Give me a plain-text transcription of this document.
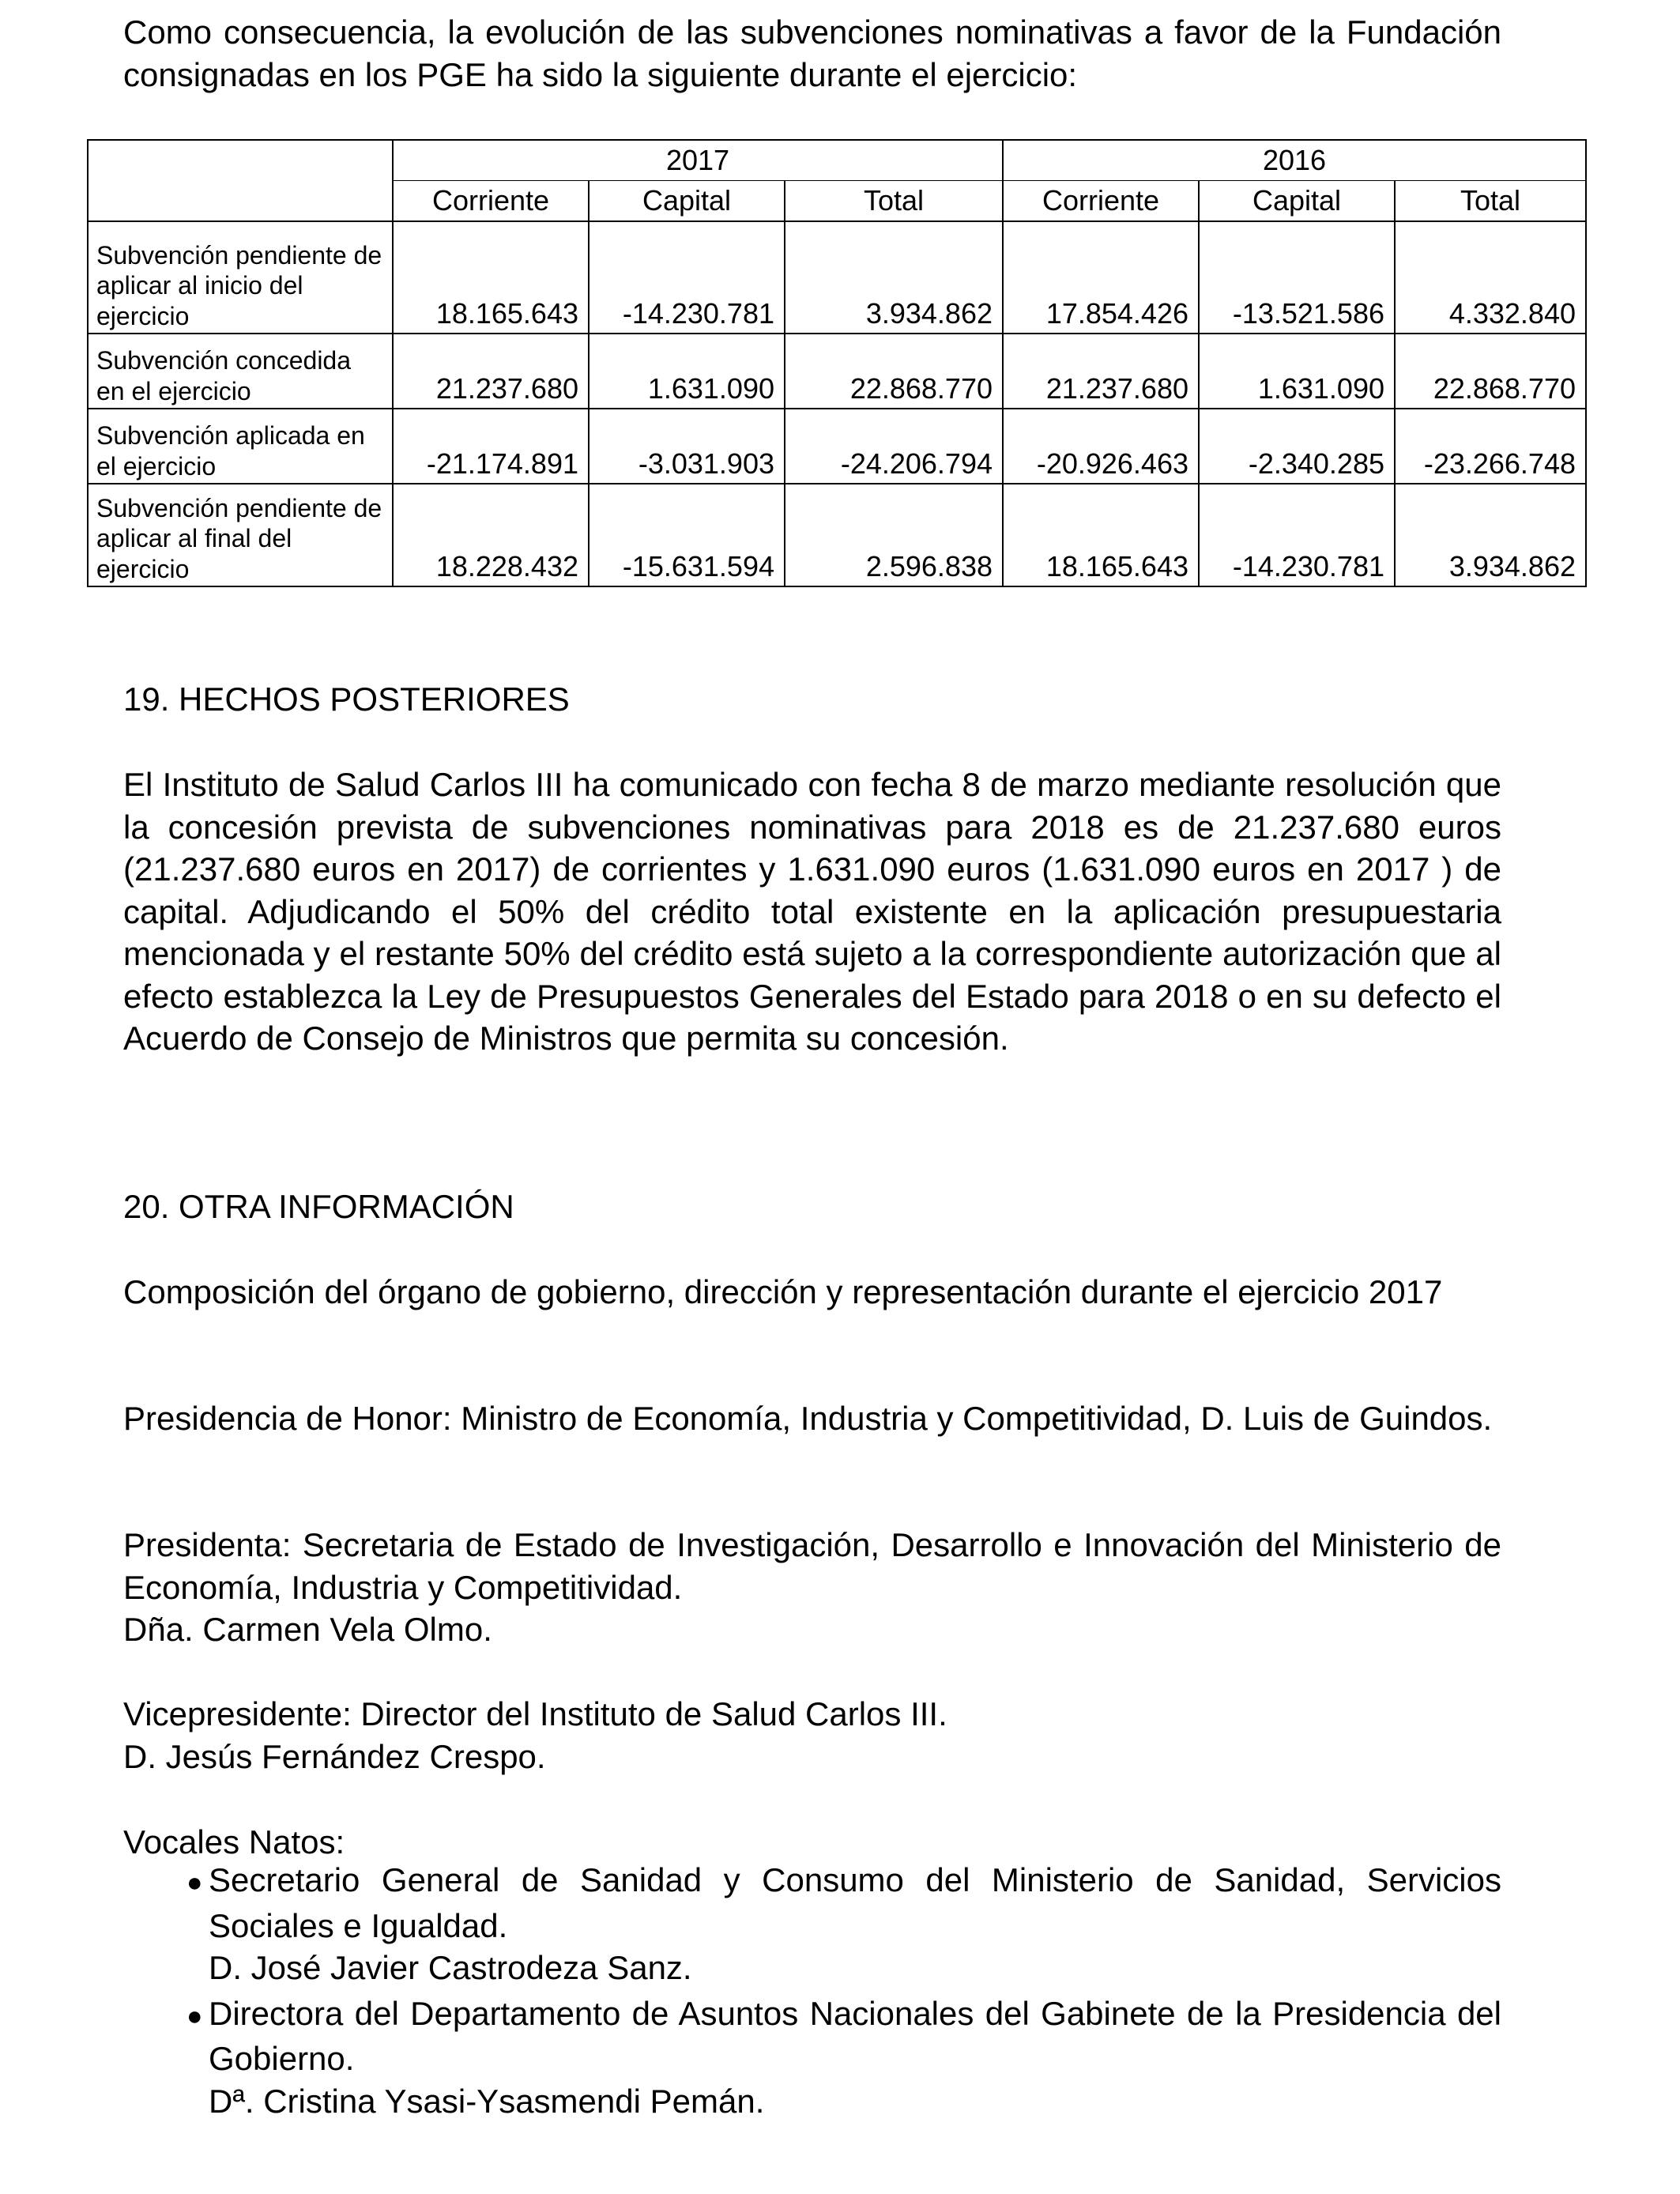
Como consecuencia, la evolución de las subvenciones nominativas a favor de la Fundación consignadas en los PGE ha sido la siguiente durante el ejercicio:

	2017			2016		
	Corriente	Capital	Total	Corriente	Capital	Total
Subvención pendiente de aplicar al inicio del ejercicio	18.165.643	-14.230.781	3.934.862	17.854.426	-13.521.586	4.332.840
Subvención concedida en el ejercicio	21.237.680	1.631.090	22.868.770	21.237.680	1.631.090	22.868.770
Subvención aplicada en el ejercicio	-21.174.891	-3.031.903	-24.206.794	-20.926.463	-2.340.285	-23.266.748
Subvención pendiente de aplicar al final del ejercicio	18.228.432	-15.631.594	2.596.838	18.165.643	-14.230.781	3.934.862
19. HECHOS POSTERIORES

El Instituto de Salud Carlos III ha comunicado con fecha 8 de marzo mediante resolución que la concesión prevista de subvenciones nominativas para 2018 es de 21.237.680 euros (21.237.680 euros en 2017) de corrientes y 1.631.090 euros (1.631.090 euros en 2017 ) de capital. Adjudicando el 50% del crédito total existente en la aplicación presupuestaria mencionada y el restante 50% del crédito está sujeto a la correspondiente autorización que al efecto establezca la Ley de Presupuestos Generales del Estado para 2018 o en su defecto el Acuerdo de Consejo de Ministros que permita su concesión.

20. OTRA INFORMACIÓN

Composición del órgano de gobierno, dirección y representación durante el ejercicio 2017

Presidencia de Honor: Ministro de Economía, Industria y Competitividad, D. Luis de Guindos.

Presidenta: Secretaria de Estado de Investigación, Desarrollo e Innovación del Ministerio de Economía, Industria y Competitividad.

Dña. Carmen Vela Olmo.

Vicepresidente: Director del Instituto de Salud Carlos III.

D. Jesús Fernández Crespo.

Vocales Natos:

● Secretario General de Sanidad y Consumo del Ministerio de Sanidad, Servicios Sociales e Igualdad.
D. José Javier Castrodeza Sanz.
● Directora del Departamento de Asuntos Nacionales del Gabinete de la Presidencia del Gobierno.
Dª. Cristina Ysasi-Ysasmendi Pemán.
